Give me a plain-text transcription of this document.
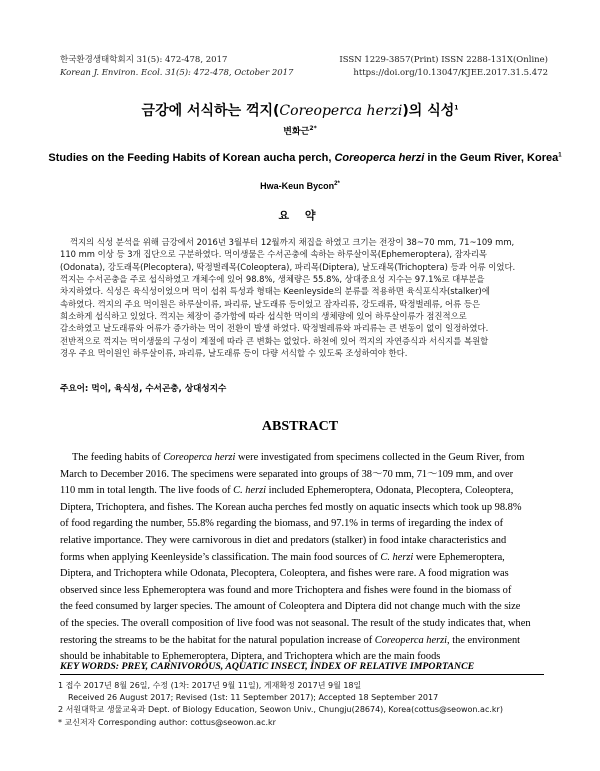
한국환경생태학회지 31(5): 472-478, 2017
Korean J. Environ. Ecol. 31(5): 472-478, October 2017
ISSN 1229-3857(Print) ISSN 2288-131X(Online)
https://doi.org/10.13047/KJEE.2017.31.5.472
금강에 서식하는 꺽지(Coreoperca herzi)의 식성$^1$
변화근$^{2*}$
Studies on the Feeding Habits of Korean aucha perch, Coreoperca herzi in the Geum River, Korea$^1$
Hwa-Keun Bycon$^{2*}$
요 약
꺽지의 식성 분석을 위해 금강에서 2016년 3월부터 12월까지 채집을 하였고 크기는 전장이 38~70 mm, 71~109 mm,
110 mm 이상 등 3개 집단으로 구분하였다. 먹이생물은 수서곤충에 속하는 하루살이목(Ephemeroptera), 잠자리목
(Odonata), 강도래목(Plecoptera), 딱정벌레목(Coleoptera), 파리목(Diptera), 날도래목(Trichoptera) 등과 어류 이었다.
꺽지는 수서곤충을 주로 섭식하였고 개체수에 있어 98.8%, 생체량은 55.8%, 상대중요성 지수는 97.1%로 대부분을
차지하였다. 식성은 육식성이었으며 먹이 섭취 특성과 형태는 Keenleyside의 분류를 적용하면 육식포식자(stalker)에
속하였다. 꺽지의 주요 먹이원은 하루살이류, 파리류, 날도래류 등이었고 잠자리류, 강도래류, 딱정벌레류, 어류 등은
희소하게 섭식하고 있었다. 꺽지는 체장이 증가함에 따라 섭식한 먹이의 생체량에 있어 하루살이류가 점진적으로
감소하였고 날도래류와 어류가 증가하는 먹이 전환이 발생 하였다. 딱정벌레류와 파리류는 큰 변동이 없이 일정하였다.
전반적으로 꺽지는 먹이생물의 구성이 계절에 따라 큰 변화는 없었다. 하천에 있어 꺽지의 자연증식과 서식지를 복원할
경우 주요 먹이원인 하루살이류, 파리류, 날도래류 등이 다량 서식할 수 있도록 조성하여야 한다.
주요어: 먹이, 육식성, 수서곤충, 상대성지수
ABSTRACT
The feeding habits of Coreoperca herzi were investigated from specimens collected in the Geum River, from
March to December 2016. The specimens were separated into groups of 38～70 mm, 71～109 mm, and over
110 mm in total length. The live foods of C. herzi included Ephemeroptera, Odonata, Plecoptera, Coleoptera,
Diptera, Trichoptera, and fishes. The Korean aucha perches fed mostly on aquatic insects which took up 98.8%
of food regarding the number, 55.8% regarding the biomass, and 97.1% in terms of iregarding the index of
relative importance. They were carnivorous in diet and predators (stalker) in food intake characteristics and
forms when applying Keenleyside’s classification. The main food sources of C. herzi were Ephemeroptera,
Diptera, and Trichoptera while Odonata, Plecoptera, Coleoptera, and fishes were rare. A food migration was
observed since less Ephemeroptera was found and more Trichoptera and fishes were found in the biomass of
the feed consumed by larger species. The amount of Coleoptera and Diptera did not change much with the size
of the species. The overall composition of live food was not seasonal. The result of the study indicates that, when
restoring the streams to be the habitat for the natural population increase of Coreoperca herzi, the environment
should be inhabitable to Ephemeroptera, Diptera, and Trichoptera which are the main foods
KEY WORDS: PREY, CARNIVOROUS, AQUATIC INSECT, INDEX OF RELATIVE IMPORTANCE
1 접수 2017년 8월 26일, 수정 (1차: 2017년 9월 11일), 게재확정 2017년 9월 18일
Received 26 August 2017; Revised (1st: 11 September 2017); Accepted 18 September 2017
2 서원대학교 생물교육과 Dept. of Biology Education, Seowon Univ., Chungju(28674), Korea(cottus@seowon.ac.kr)
* 교신저자 Corresponding author: cottus@seowon.ac.kr
